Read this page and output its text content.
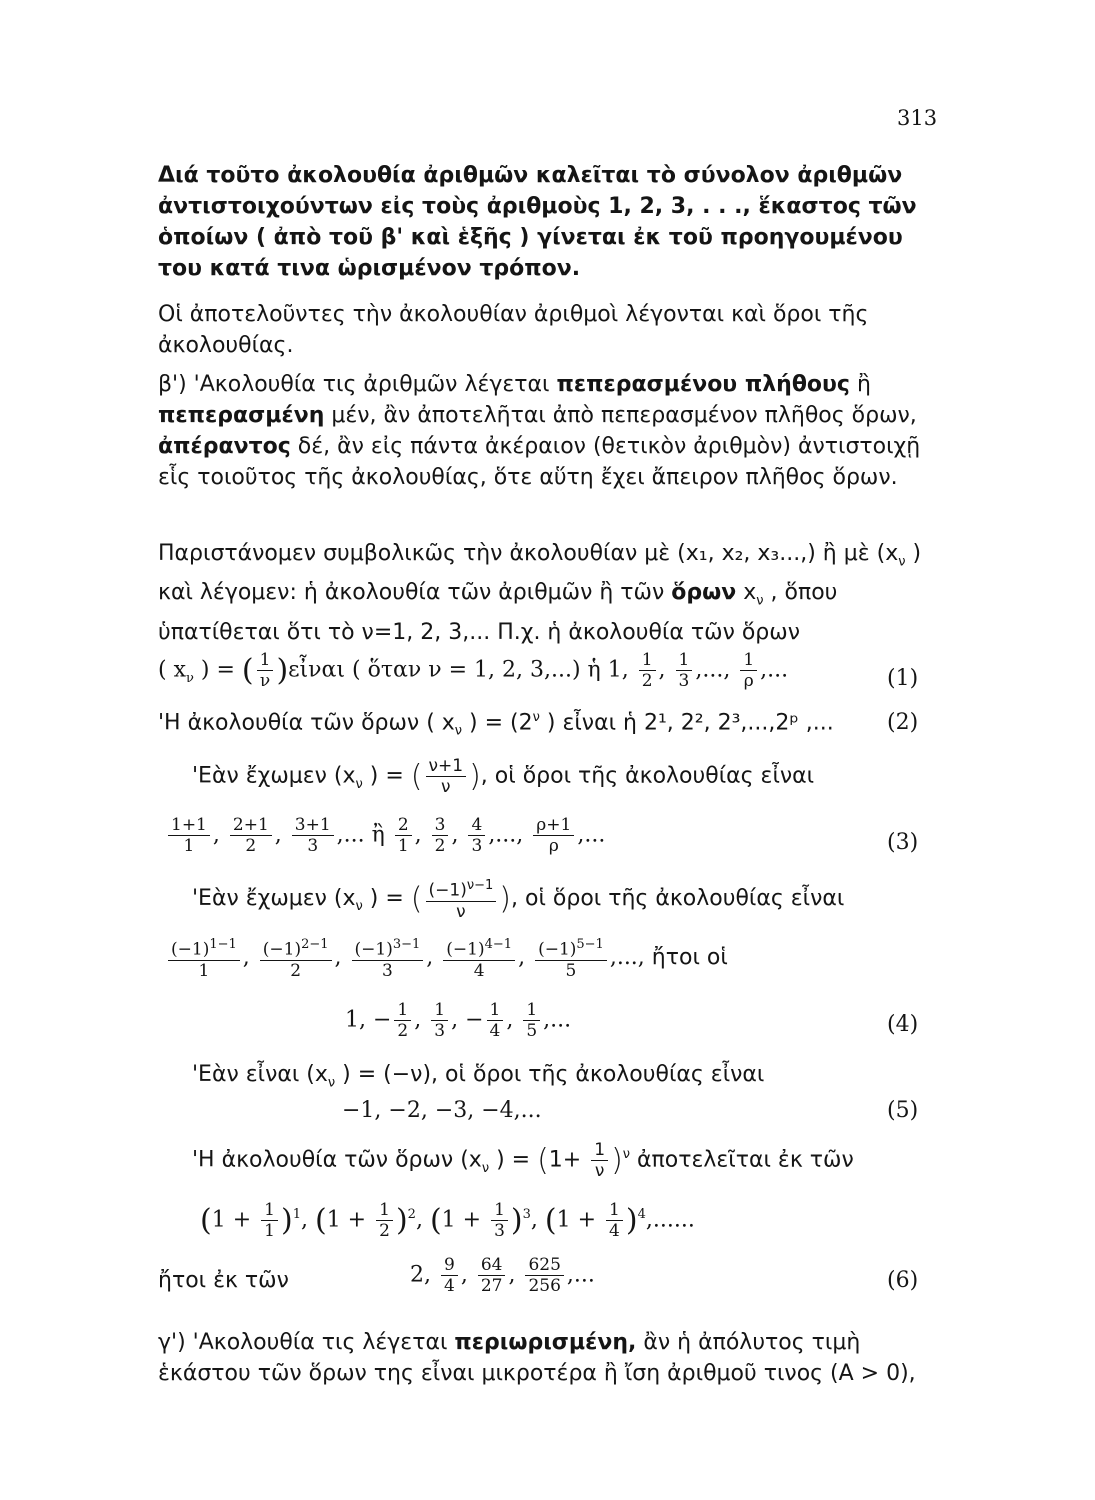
313
Διά τοῦτο ἀκολουθία ἀριθμῶν καλεῖται τὸ σύνολον ἀριθμῶν ἀντιστοιχούντων εἰς τοὺς ἀριθμοὺς 1, 2, 3, . . ., ἕκαστος τῶν ὁποίων ( ἀπὸ τοῦ β' καὶ ἑξῆς ) γίνεται ἐκ τοῦ προηγουμένου του κατά τινα ὡρισμένον τρόπον.
Οἱ ἀποτελοῦντες τὴν ἀκολουθίαν ἀριθμοὶ λέγονται καὶ ὅροι τῆς ἀκολουθίας.
β') 'Ακολουθία τις ἀριθμῶν λέγεται πεπερασμένου πλήθους ἢ πεπερασμένη μέν, ἂν ἀποτελῆται ἀπὸ πεπερασμένον πλῆθος ὅρων, ἀπέραντος δέ, ἂν εἰς πάντα ἀκέραιον (θετικὸν ἀριθμὸν) ἀντιστοιχῇ εἷς τοιοῦτος τῆς ἀκολουθίας, ὅτε αὕτη ἔχει ἄπειρον πλῆθος ὅρων.
Παριστάνομεν συμβολικῶς τὴν ἀκολουθίαν μὲ (x₁, x₂, x₃...,) ἢ μὲ ($x_\nu$ ) καὶ λέγομεν: ἡ ἀκολουθία τῶν ἀριθμῶν ἢ τῶν ὅρων $x_\nu$ , ὅπου ὑπατίθεται ὅτι τὸ ν=1, 2, 3,... Π.χ. ἡ ἀκολουθία τῶν ὅρων
( $x_\nu$ ) = ( $\frac{1}{\nu}$ )εἶναι ( ὅταν ν = 1, 2, 3,...) ἡ 1, $\frac{1}{2}$ , $\frac{1}{3}$ ,..., $\frac{1}{\rho}$ ,...	(1)
'Η ἀκολουθία τῶν ὅρων ( $x_\nu$ ) = ($2^\nu$ ) εἶναι ἡ 2¹, 2², 2³,...,2ᵖ ,... (2)
'Εὰν ἔχωμεν ($x_\nu$ ) = ( $\frac{\nu+1}{\nu}$ ), οἱ ὅροι τῆς ἀκολουθίας εἶναι
$\frac{1+1}{1}$ , $\frac{2+1}{2}$ , $\frac{3+1}{3}$ ,... ἢ $\frac{2}{1}$ , $\frac{3}{2}$ , $\frac{4}{3}$ ,..., $\frac{\rho+1}{\rho}$ ,...	(3)
'Εὰν ἔχωμεν ($x_\nu$ ) = ( $\frac{(-1)^{\nu-1}}{\nu}$ ), οἱ ὅροι τῆς ἀκολουθίας εἶναι
$\frac{(-1)^{1-1}}{1}$ , $\frac{(-1)^{2-1}}{2}$ , $\frac{(-1)^{3-1}}{3}$ , $\frac{(-1)^{4-1}}{4}$ , $\frac{(-1)^{5-1}}{5}$ ,..., ἤτοι οἱ
1, − $\frac{1}{2}$ , $\frac{1}{3}$ , − $\frac{1}{4}$ , $\frac{1}{5}$ ,...	(4)
'Εὰν εἶναι ($x_\nu$ ) = (−ν), οἱ ὅροι τῆς ἀκολουθίας εἶναι
−1, −2, −3, −4,...	(5)
'Η ἀκολουθία τῶν ὅρων ($x_\nu$ ) = $(1+ \frac{1}{\nu} )^\nu$ ἀποτελεῖται ἐκ τῶν
$(1 + \frac{1}{1} )^1$, $(1 + \frac{1}{2} )^2$, $(1 + \frac{1}{3} )^3$, $(1 + \frac{1}{4} )^4$,......
ἤτοι ἐκ τῶν	2, $\frac{9}{4}$ , $\frac{64}{27}$ , $\frac{625}{256}$ ,...	(6)
γ') 'Ακολουθία τις λέγεται περιωρισμένη, ἂν ἡ ἀπόλυτος τιμὴ ἑκάστου τῶν ὅρων της εἶναι μικροτέρα ἢ ἴση ἀριθμοῦ τινος (A > 0),
